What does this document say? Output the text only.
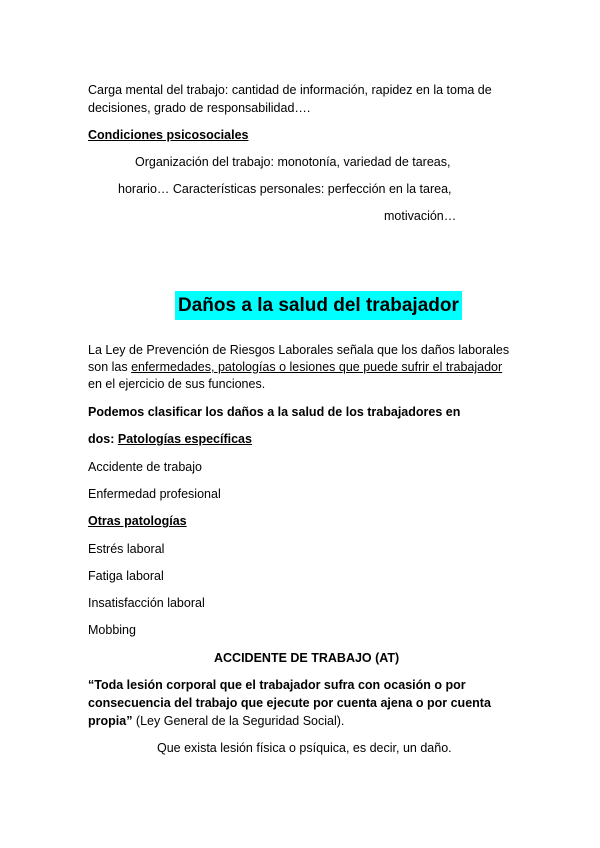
Carga mental del trabajo: cantidad de información, rapidez en la toma de
decisiones, grado de responsabilidad….
Condiciones psicosociales
Organización del trabajo: monotonía, variedad de tareas,
horario… Características personales: perfección en la tarea,
motivación…
Daños a la salud del trabajador
La Ley de Prevención de Riesgos Laborales señala que los daños laborales
son las enfermedades, patologías o lesiones que puede sufrir el trabajador
en el ejercicio de sus funciones.
Podemos clasificar los daños a la salud de los trabajadores en
dos: Patologías específicas
Accidente de trabajo
Enfermedad profesional
Otras patologías
Estrés laboral
Fatiga laboral
Insatisfacción laboral
Mobbing
ACCIDENTE DE TRABAJO (AT)
“Toda lesión corporal que el trabajador sufra con ocasión o por
consecuencia del trabajo que ejecute por cuenta ajena o por cuenta
propia” (Ley General de la Seguridad Social).
Que exista lesión física o psíquica, es decir, un daño.
